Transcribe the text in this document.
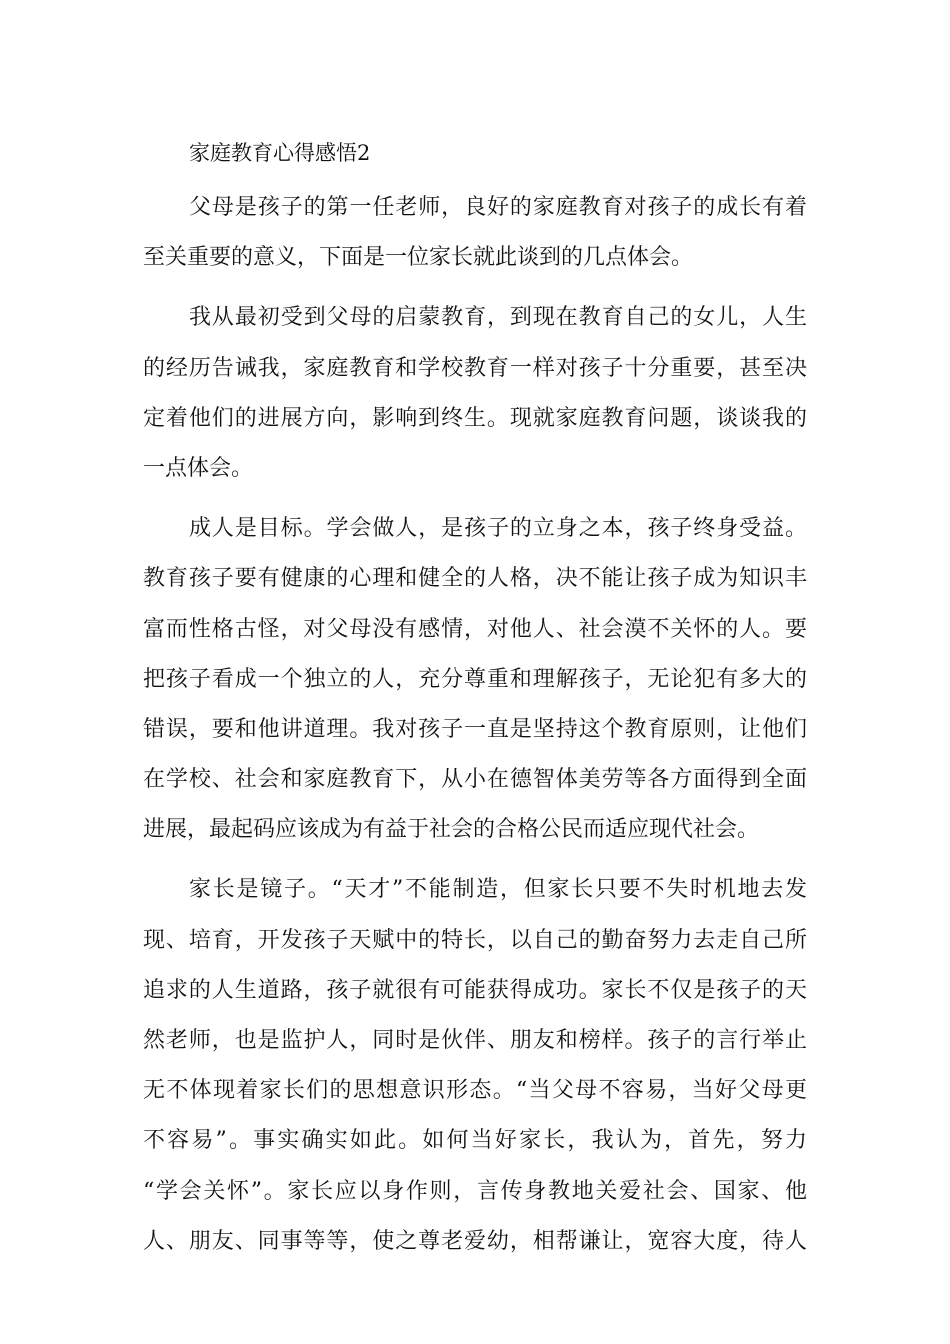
家庭教育心得感悟2
父母是孩子的第一任老师，良好的家庭教育对孩子的成长有着
至关重要的意义，下面是一位家长就此谈到的几点体会。
我从最初受到父母的启蒙教育，到现在教育自己的女儿，人生
的经历告诫我，家庭教育和学校教育一样对孩子十分重要，甚至决
定着他们的进展方向，影响到终生。现就家庭教育问题，谈谈我的
一点体会。
成人是目标。学会做人，是孩子的立身之本，孩子终身受益。
教育孩子要有健康的心理和健全的人格，决不能让孩子成为知识丰
富而性格古怪，对父母没有感情，对他人、社会漠不关怀的人。要
把孩子看成一个独立的人，充分尊重和理解孩子，无论犯有多大的
错误，要和他讲道理。我对孩子一直是坚持这个教育原则，让他们
在学校、社会和家庭教育下，从小在德智体美劳等各方面得到全面
进展，最起码应该成为有益于社会的合格公民而适应现代社会。
家长是镜子。“天才”不能制造，但家长只要不失时机地去发
现、培育，开发孩子天赋中的特长，以自己的勤奋努力去走自己所
追求的人生道路，孩子就很有可能获得成功。家长不仅是孩子的天
然老师，也是监护人，同时是伙伴、朋友和榜样。孩子的言行举止
无不体现着家长们的思想意识形态。“当父母不容易，当好父母更
不容易”。事实确实如此。如何当好家长，我认为，首先，努力
“学会关怀”。家长应以身作则，言传身教地关爱社会、国家、他
人、朋友、同事等等，使之尊老爱幼，相帮谦让，宽容大度，待人
